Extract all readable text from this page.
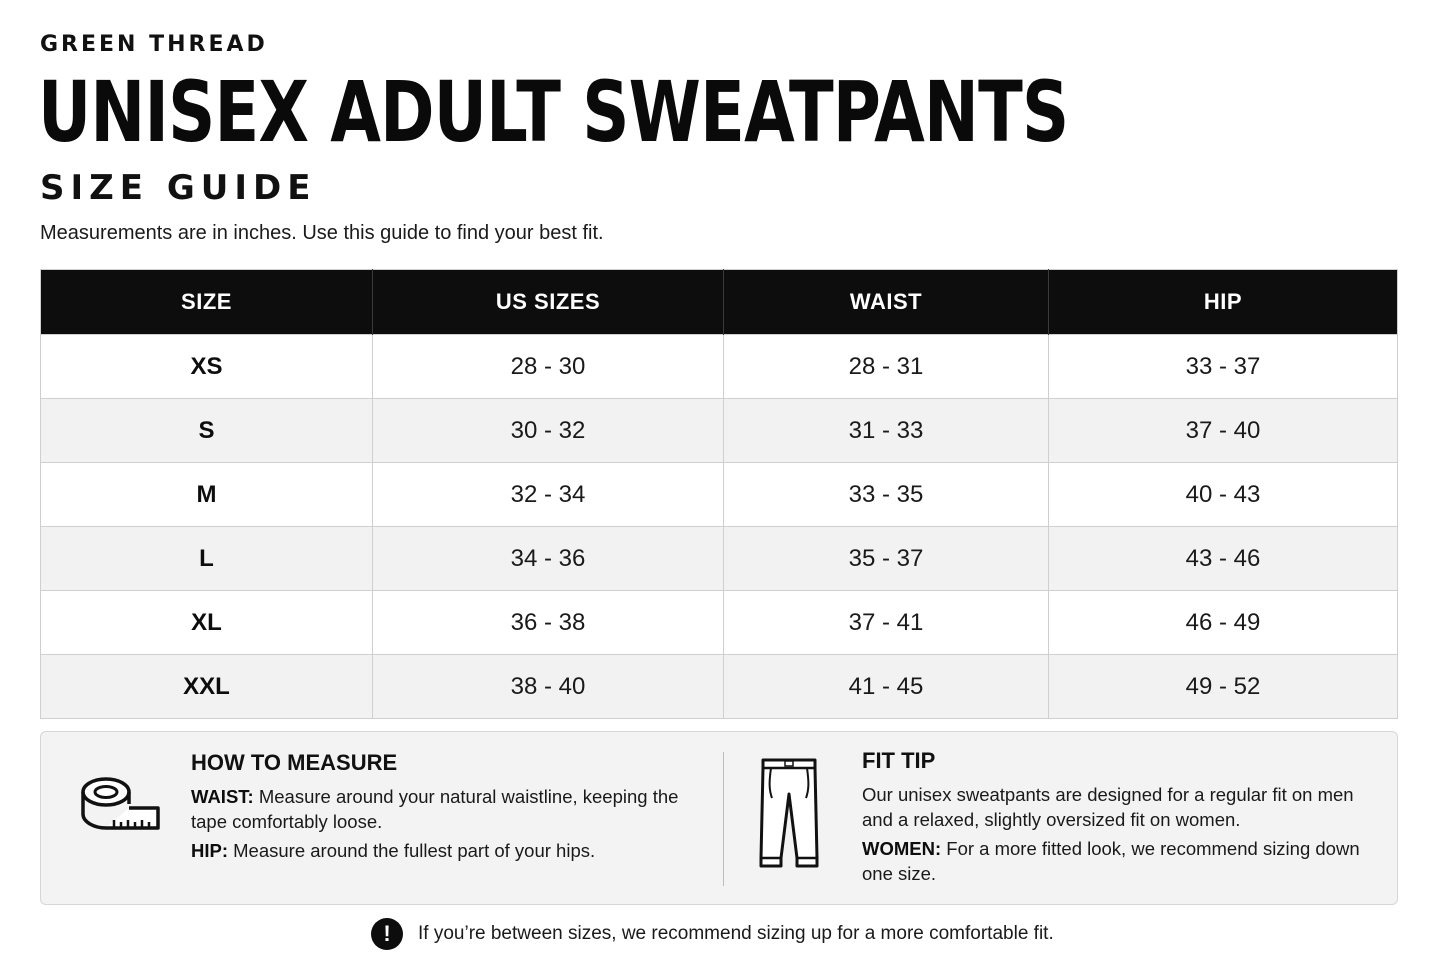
GREEN THREAD
UNISEX ADULT SWEATPANTS
SIZE GUIDE
Measurements are in inches. Use this guide to find your best fit.
SIZE	US SIZES	WAIST	HIP
XS	28 - 30	28 - 31	33 - 37
S	30 - 32	31 - 33	37 - 40
M	32 - 34	33 - 35	40 - 43
L	34 - 36	35 - 37	43 - 46
XL	36 - 38	37 - 41	46 - 49
XXL	38 - 40	41 - 45	49 - 52
HOW TO MEASURE

WAIST: Measure around your natural waistline, keeping the tape comfortably loose.

HIP: Measure around the fullest part of your hips.

FIT TIP

Our unisex sweatpants are designed for a regular fit on men and a relaxed, slightly oversized fit on women.

WOMEN: For a more fitted look, we recommend sizing down one size.

!	If you’re between sizes, we recommend sizing up for a more comfortable fit.
